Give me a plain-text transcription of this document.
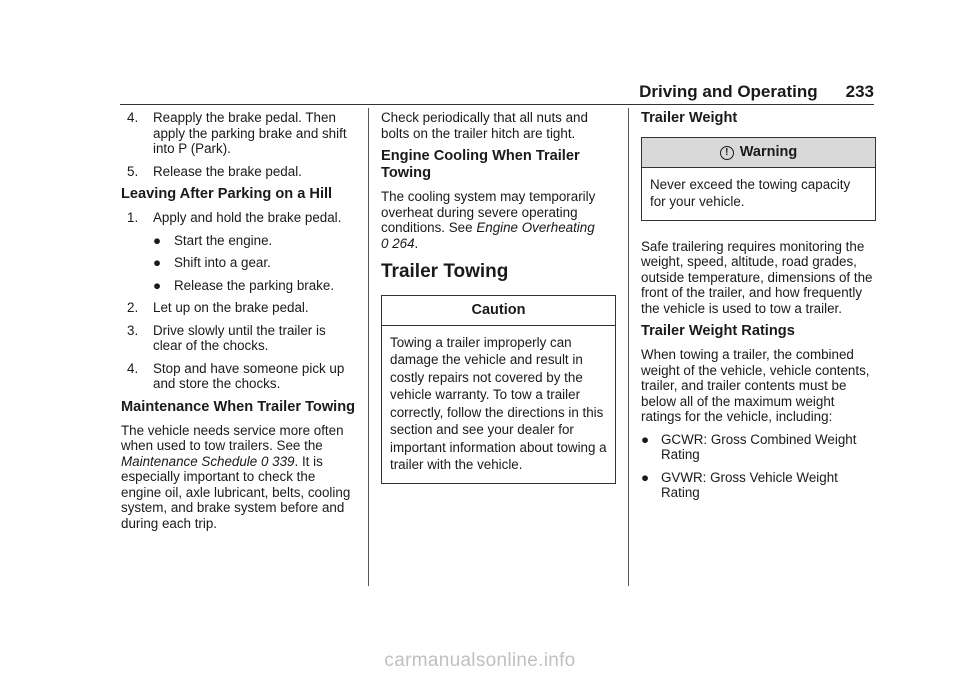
Driving and Operating 233
4. Reapply the brake pedal. Then apply the parking brake and shift into P (Park).
5. Release the brake pedal.
Leaving After Parking on a Hill
1. Apply and hold the brake pedal.
● Start the engine.
● Shift into a gear.
● Release the parking brake.
2. Let up on the brake pedal.
3. Drive slowly until the trailer is clear of the chocks.
4. Stop and have someone pick up and store the chocks.
Maintenance When Trailer Towing

The vehicle needs service more often when used to tow trailers. See the Maintenance Schedule 0 339. It is especially important to check the engine oil, axle lubricant, belts, cooling system, and brake system before and during each trip.

Check periodically that all nuts and bolts on the trailer hitch are tight.

Engine Cooling When Trailer Towing

The cooling system may temporarily overheat during severe operating conditions. See Engine Overheating
0 264.

Trailer Towing
Caution
Towing a trailer improperly can damage the vehicle and result in costly repairs not covered by the vehicle warranty. To tow a trailer correctly, follow the directions in this section and see your dealer for important information about towing a trailer with the vehicle.
Trailer Weight
! Warning
Never exceed the towing capacity for your vehicle.

Safe trailering requires monitoring the weight, speed, altitude, road grades, outside temperature, dimensions of the front of the trailer, and how frequently the vehicle is used to tow a trailer.

Trailer Weight Ratings

When towing a trailer, the combined weight of the vehicle, vehicle contents, trailer, and trailer contents must be below all of the maximum weight ratings for the vehicle, including:

● GCWR: Gross Combined Weight Rating
● GVWR: Gross Vehicle Weight Rating
carmanualsonline.info
